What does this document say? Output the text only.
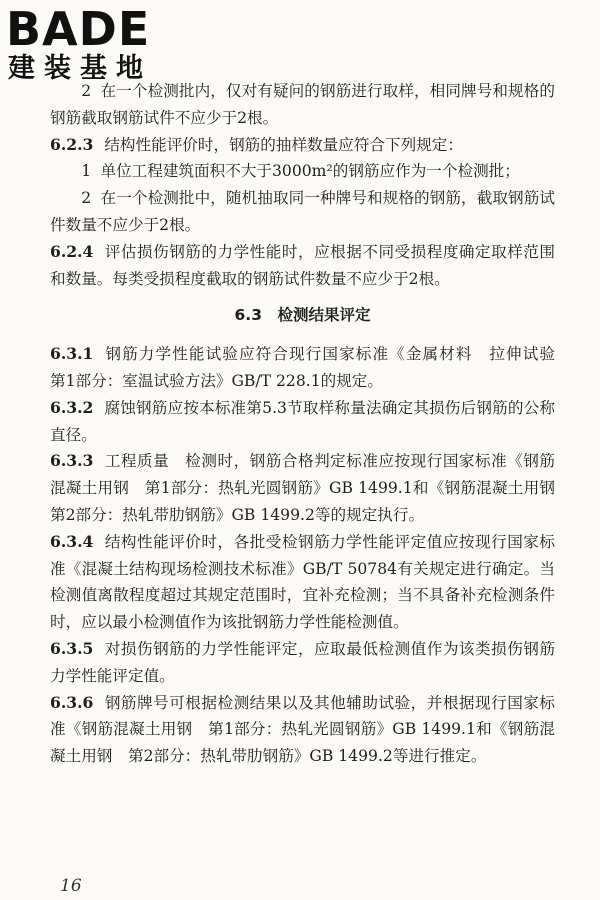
BADE
建装基地

2 在一个检测批内，仅对有疑问的钢筋进行取样，相同牌号和规格的钢筋截取钢筋试件不应少于2根。

6.2.3 结构性能评价时，钢筋的抽样数量应符合下列规定：

1 单位工程建筑面积不大于3000m²的钢筋应作为一个检测批；

2 在一个检测批中，随机抽取同一种牌号和规格的钢筋，截取钢筋试件数量不应少于2根。

6.2.4 评估损伤钢筋的力学性能时，应根据不同受损程度确定取样范围和数量。每类受损程度截取的钢筋试件数量不应少于2根。

6.3　检测结果评定

6.3.1 钢筋力学性能试验应符合现行国家标准《金属材料　拉伸试验　第1部分：室温试验方法》GB/T 228.1的规定。

6.3.2 腐蚀钢筋应按本标准第5.3节取样称量法确定其损伤后钢筋的公称直径。

6.3.3 工程质量　检测时，钢筋合格判定标准应按现行国家标准《钢筋混凝土用钢　第1部分：热轧光圆钢筋》GB 1499.1和《钢筋混凝土用钢　第2部分：热轧带肋钢筋》GB 1499.2等的规定执行。

6.3.4 结构性能评价时，各批受检钢筋力学性能评定值应按现行国家标准《混凝土结构现场检测技术标准》GB/T 50784有关规定进行确定。当检测值离散程度超过其规定范围时，宜补充检测；当不具备补充检测条件时，应以最小检测值作为该批钢筋力学性能检测值。

6.3.5 对损伤钢筋的力学性能评定，应取最低检测值作为该类损伤钢筋力学性能评定值。

6.3.6 钢筋牌号可根据检测结果以及其他辅助试验，并根据现行国家标准《钢筋混凝土用钢　第1部分：热轧光圆钢筋》GB 1499.1和《钢筋混凝土用钢　第2部分：热轧带肋钢筋》GB 1499.2等进行推定。

16
